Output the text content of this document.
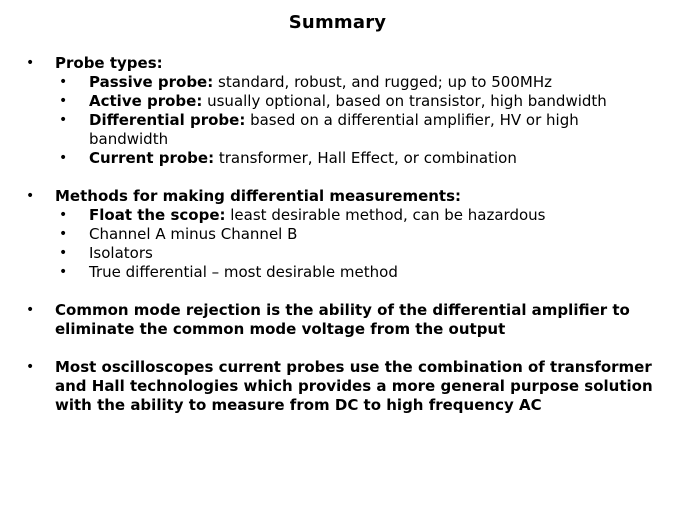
Summary
• Probe types:
• Passive probe: standard, robust, and rugged; up to 500MHz
• Active probe: usually optional, based on transistor, high bandwidth
• Differential probe: based on a differential amplifier, HV or high bandwidth
• Current probe: transformer, Hall Effect, or combination
• Methods for making differential measurements:
• Float the scope: least desirable method, can be hazardous
• Channel A minus Channel B
• Isolators
• True differential – most desirable method
• Common mode rejection is the ability of the differential amplifier to eliminate the common mode voltage from the output
• Most oscilloscopes current probes use the combination of transformer and Hall technologies which provides a more general purpose solution with the ability to measure from DC to high frequency AC
